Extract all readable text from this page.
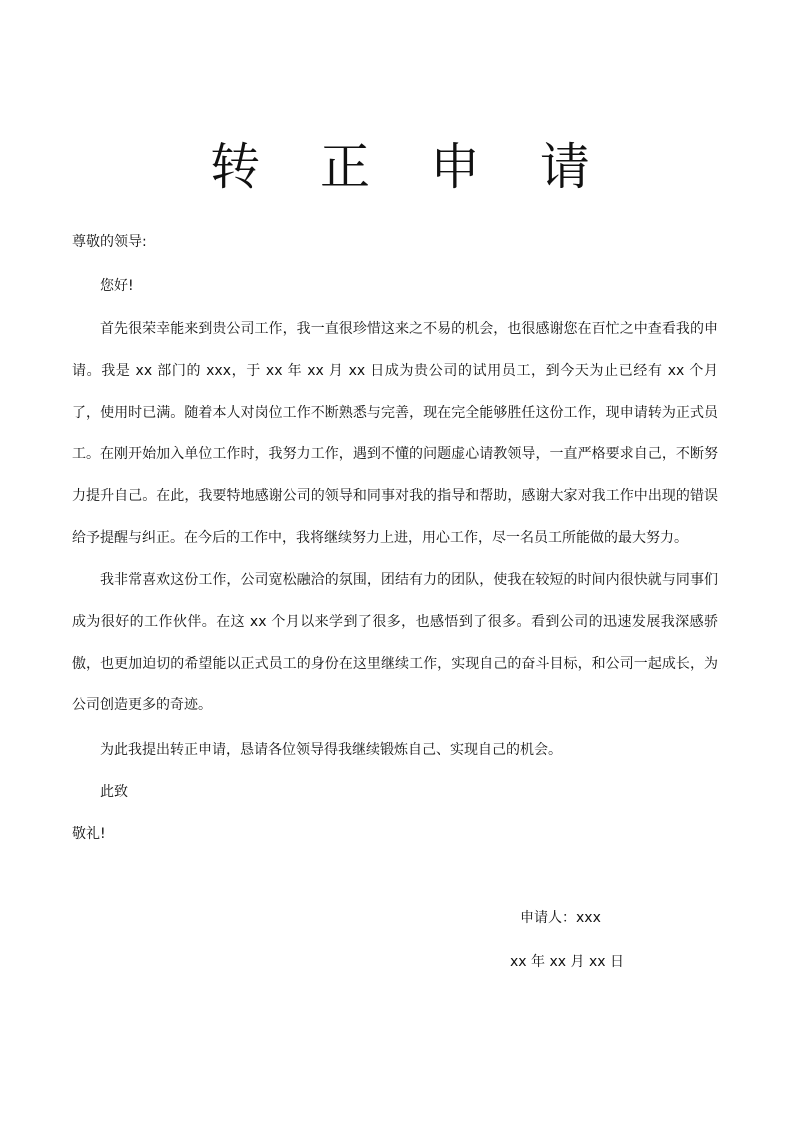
转 正 申 请
尊敬的领导:
您好!

首先很荣幸能来到贵公司工作，我一直很珍惜这来之不易的机会，也很感谢您在百忙之中查看我的申请。我是 xx 部门的 xxx，于 xx 年 xx 月 xx 日成为贵公司的试用员工，到今天为止已经有 xx 个月了，使用时已满。随着本人对岗位工作不断熟悉与完善，现在完全能够胜任这份工作，现申请转为正式员工。 在刚开始加入单位工作时，我努力工作，遇到不懂的问题虚心请教领导，一直严格要求自己，不断努力提升自己。在此，我要特地感谢公司的领导和同事对我的指导和帮助，感谢大家对我工作中出现的错误给予提醒与纠正。在今后的工作中，我将继续努力上进，用心工作，尽一名员工所能做的最大努力。

我非常喜欢这份工作，公司宽松融洽的氛围，团结有力的团队，使我在较短的时间内很快就与同事们成为很好的工作伙伴。在这 xx 个月以来学到了很多，也感悟到了很多。看到公司的迅速发展我深感骄傲，也更加迫切的希望能以正式员工的身份在这里继续工作，实现自己的奋斗目标，和公司一起成长，为公司创造更多的奇迹。

为此我提出转正申请，恳请各位领导得我继续锻炼自己、实现自己的机会。
此致
敬礼!
申请人：xxx
xx 年 xx 月 xx 日
